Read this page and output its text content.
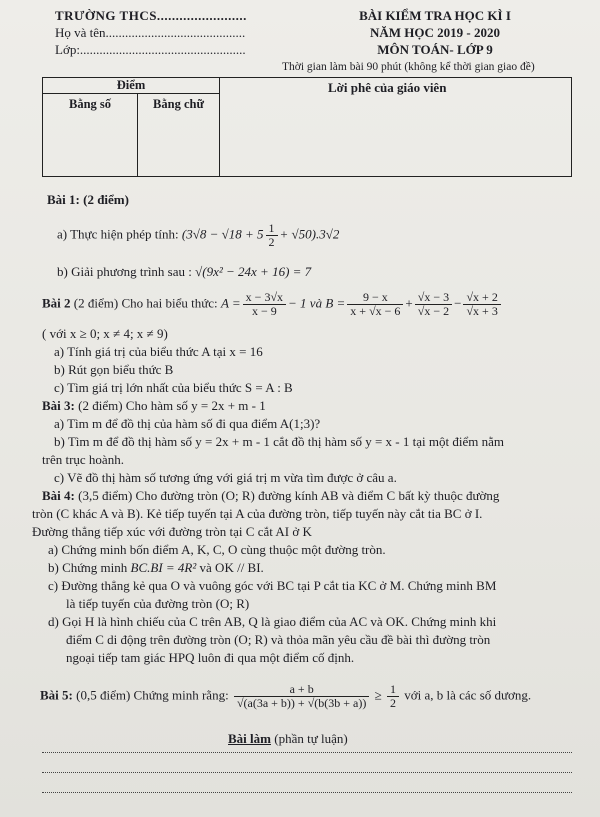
TRƯỜNG THCS........................
Họ và tên...........................................
Lớp:...................................................
BÀI KIỂM TRA HỌC KÌ I
NĂM HỌC 2019 - 2020
MÔN TOÁN- LỚP 9
Thời gian làm bài 90 phút (không kể thời gian giao đề)
Điểm
Bằng số	Bằng chữ
Lời phê của giáo viên
Bài 1: (2 điểm)
a) Thực hiện phép tính: $(3√8 - √18 + 5 \frac{1}{2} + √50).3√2$
b) Giải phương trình sau : √(9x² − 24x + 16) = 7
Bài 2 (2 điểm) Cho hai biểu thức: $A = \frac{x - 3√x}{x - 9} - 1$ và $B = \frac{9 - x}{x + √x - 6} + \frac{√x - 3}{√x - 2} - \frac{√x + 2}{√x + 3}$
( với x ≥ 0; x ≠ 4; x ≠ 9)
a) Tính giá trị của biểu thức A tại x = 16
b) Rút gọn biểu thức B
c) Tìm giá trị lớn nhất của biểu thức S = A : B
Bài 3: (2 điểm) Cho hàm số y = 2x + m - 1
a) Tìm m để đồ thị của hàm số đi qua điểm A(1;3)?
b) Tìm m để đồ thị hàm số y = 2x + m - 1 cắt đồ thị hàm số y = x - 1 tại một điểm nằm
trên trục hoành.
c) Vẽ đồ thị hàm số tương ứng với giá trị m vừa tìm được ở câu a.
Bài 4: (3,5 điểm) Cho đường tròn (O; R) đường kính AB và điểm C bất kỳ thuộc đường
tròn (C khác A và B). Kẻ tiếp tuyến tại A của đường tròn, tiếp tuyến này cắt tia BC ở I.
Đường thẳng tiếp xúc với đường tròn tại C cắt AI ở K
a) Chứng minh bốn điểm A, K, C, O cùng thuộc một đường tròn.
b) Chứng minh BC.BI = 4R² và OK // BI.
c) Đường thẳng kẻ qua O và vuông góc với BC tại P cắt tia KC ở M. Chứng minh BM
là tiếp tuyến của đường tròn (O; R)
d) Gọi H là hình chiếu của C trên AB, Q là giao điểm của AC và OK. Chứng minh khi
điểm C di động trên đường tròn (O; R) và thỏa mãn yêu cầu đề bài thì đường tròn
ngoại tiếp tam giác HPQ luôn đi qua một điểm cố định.
Bài 5: (0,5 điểm) Chứng minh rằng: $\frac{a + b}{√(a(3a + b)) + √(b(3b + a))} \ge \frac{1}{2}$ với a, b là các số dương.
Bài làm (phần tự luận)
